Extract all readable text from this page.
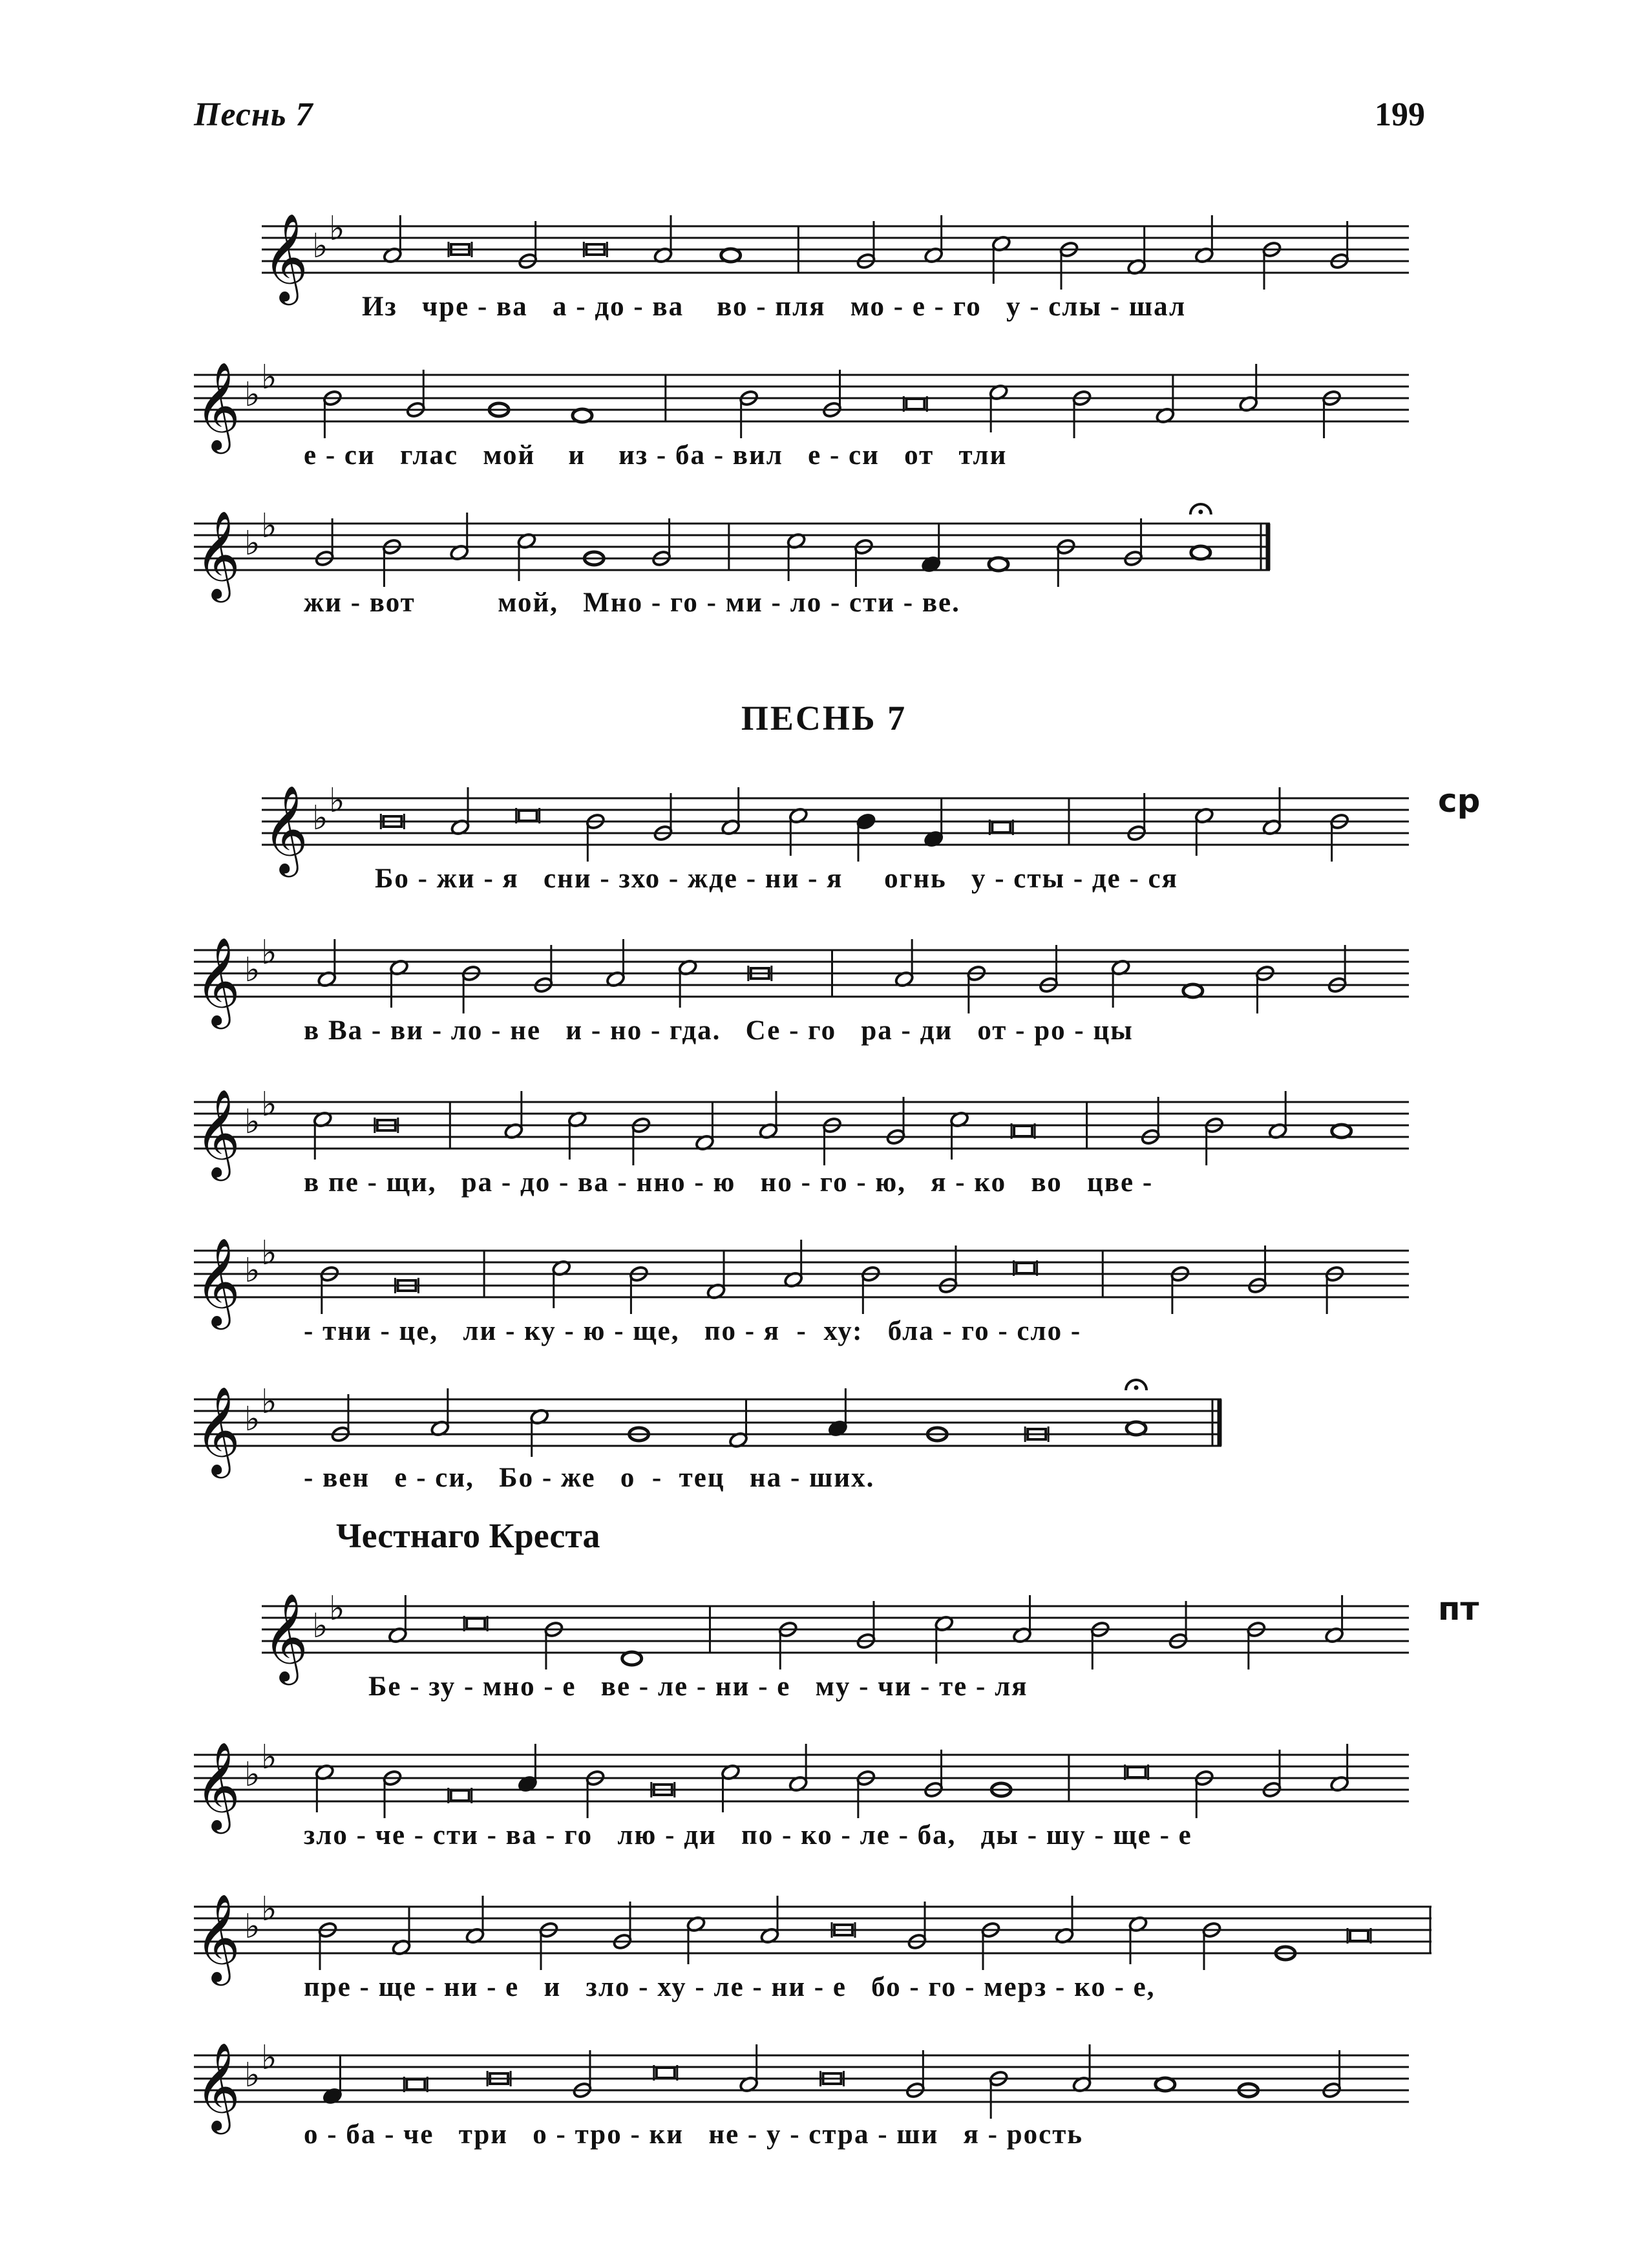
Песнь 7	199
𝄞 ♭ ♭
Из   чре - ва   а - до - ва    во - пля   мо - е - го   у - слы - шал
𝄞 ♭ ♭
е - си   глас   мой    и    из - ба - вил   е - си   от   тли
𝄞 ♭ ♭
жи - вот          мой,   Мно - го - ми - ло - сти - ве.
ПЕСНЬ 7
𝄞 ♭ ♭
Бо - жи - я   сни - зхо - жде - ни - я     огнь   у - сты - де - ся
ср
𝄞 ♭ ♭
в Ва - ви - ло - не   и - но - гда.   Се - го   ра - ди   от - ро - цы
𝄞 ♭ ♭
в пе - щи,   ра - до - ва - нно - ю   но - го - ю,   я - ко   во   цве -
𝄞 ♭ ♭
- тни - це,   ли - ку - ю - ще,   по - я  -  ху:   бла - го - сло -
𝄞 ♭ ♭
- вен   е - си,   Бо - же   о  -  тец   на - ших.
Честнаго Креста
𝄞 ♭ ♭
Бе - зу - мно - е   ве - ле - ни - е   му - чи - те - ля
пт
𝄞 ♭ ♭
зло - че - сти - ва - го   лю - ди   по - ко - ле - ба,   ды - шу - ще - е
𝄞 ♭ ♭
пре - ще - ни - е   и   зло - ху - ле - ни - е   бо - го - мерз - ко - е,
𝄞 ♭ ♭
о - ба - че   три   о - тро - ки   не - у - стра - ши   я - рость
